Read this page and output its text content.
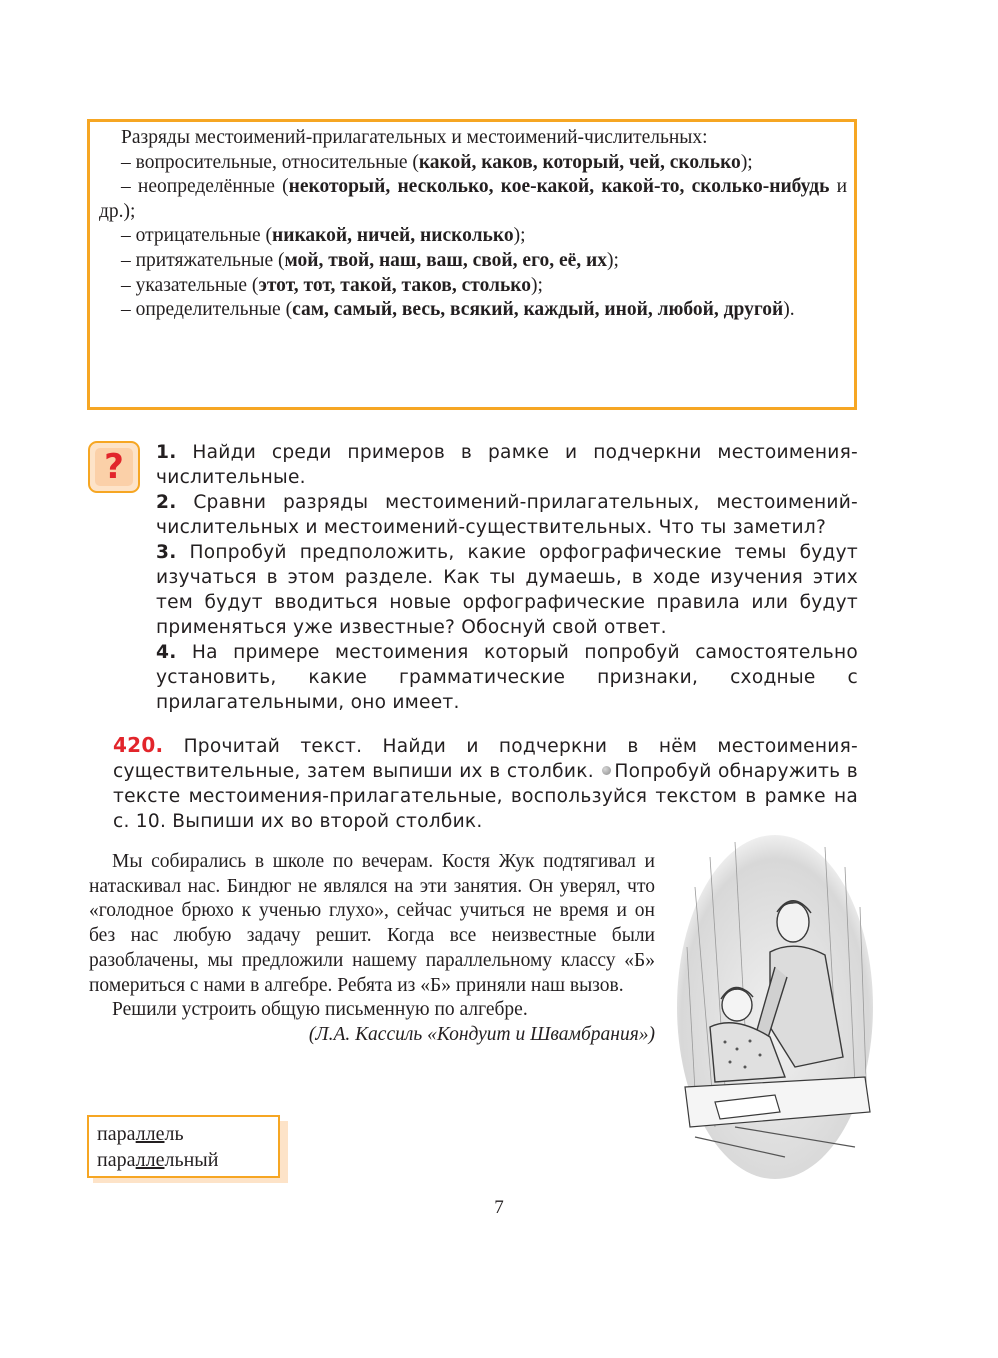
Разряды местоимений-прилагательных и местоимений-числительных:

– вопросительные, относительные (какой, каков, который, чей, сколько);

– неопределённые (некоторый, несколько, кое-какой, какой-то, сколько-нибудь и др.);

– отрицательные (никакой, ничей, нисколько);

– притяжательные (мой, твой, наш, ваш, свой, его, её, их);

– указательные (этот, тот, такой, таков, столько);

– определительные (сам, самый, весь, всякий, каждый, иной, любой, другой).

?	1. Найди среди примеров в рамке и подчеркни местоимения-числительные.

2. Сравни разряды местоимений-прилагательных, местоимений-числительных и местоимений-существительных. Что ты заметил?

3. Попробуй предположить, какие орфографические темы будут изучаться в этом разделе. Как ты думаешь, в ходе изучения этих тем будут вводиться новые орфографические правила или будут применяться уже известные? Обоснуй свой ответ.

4. На примере местоимения который попробуй самостоятельно установить, какие грамматические признаки, сходные с прилагательными, оно имеет.

420. Прочитай текст. Найди и подчеркни в нём местоимения-существительные, затем выпиши их в столбик. Попробуй обнаружить в тексте местоимения-прилагательные, воспользуйся текстом в рамке на с. 10. Выпиши их во второй столбик.

Мы собирались в школе по вечерам. Костя Жук подтягивал и натаскивал нас. Биндюг не являлся на эти занятия. Он уверял, что «голодное брюхо к ученью глухо», сейчас учиться не время и он без нас любую задачу решит. Когда все неизвестные были разоблачены, мы предложили нашему параллельному классу «Б» помериться с нами в алгебре. Ребята из «Б» приняли наш вызов.

Решили устроить общую письменную по алгебре.

(Л.А. Кассиль «Кондуит и Швамбрания»)

параллель
параллельный
7
